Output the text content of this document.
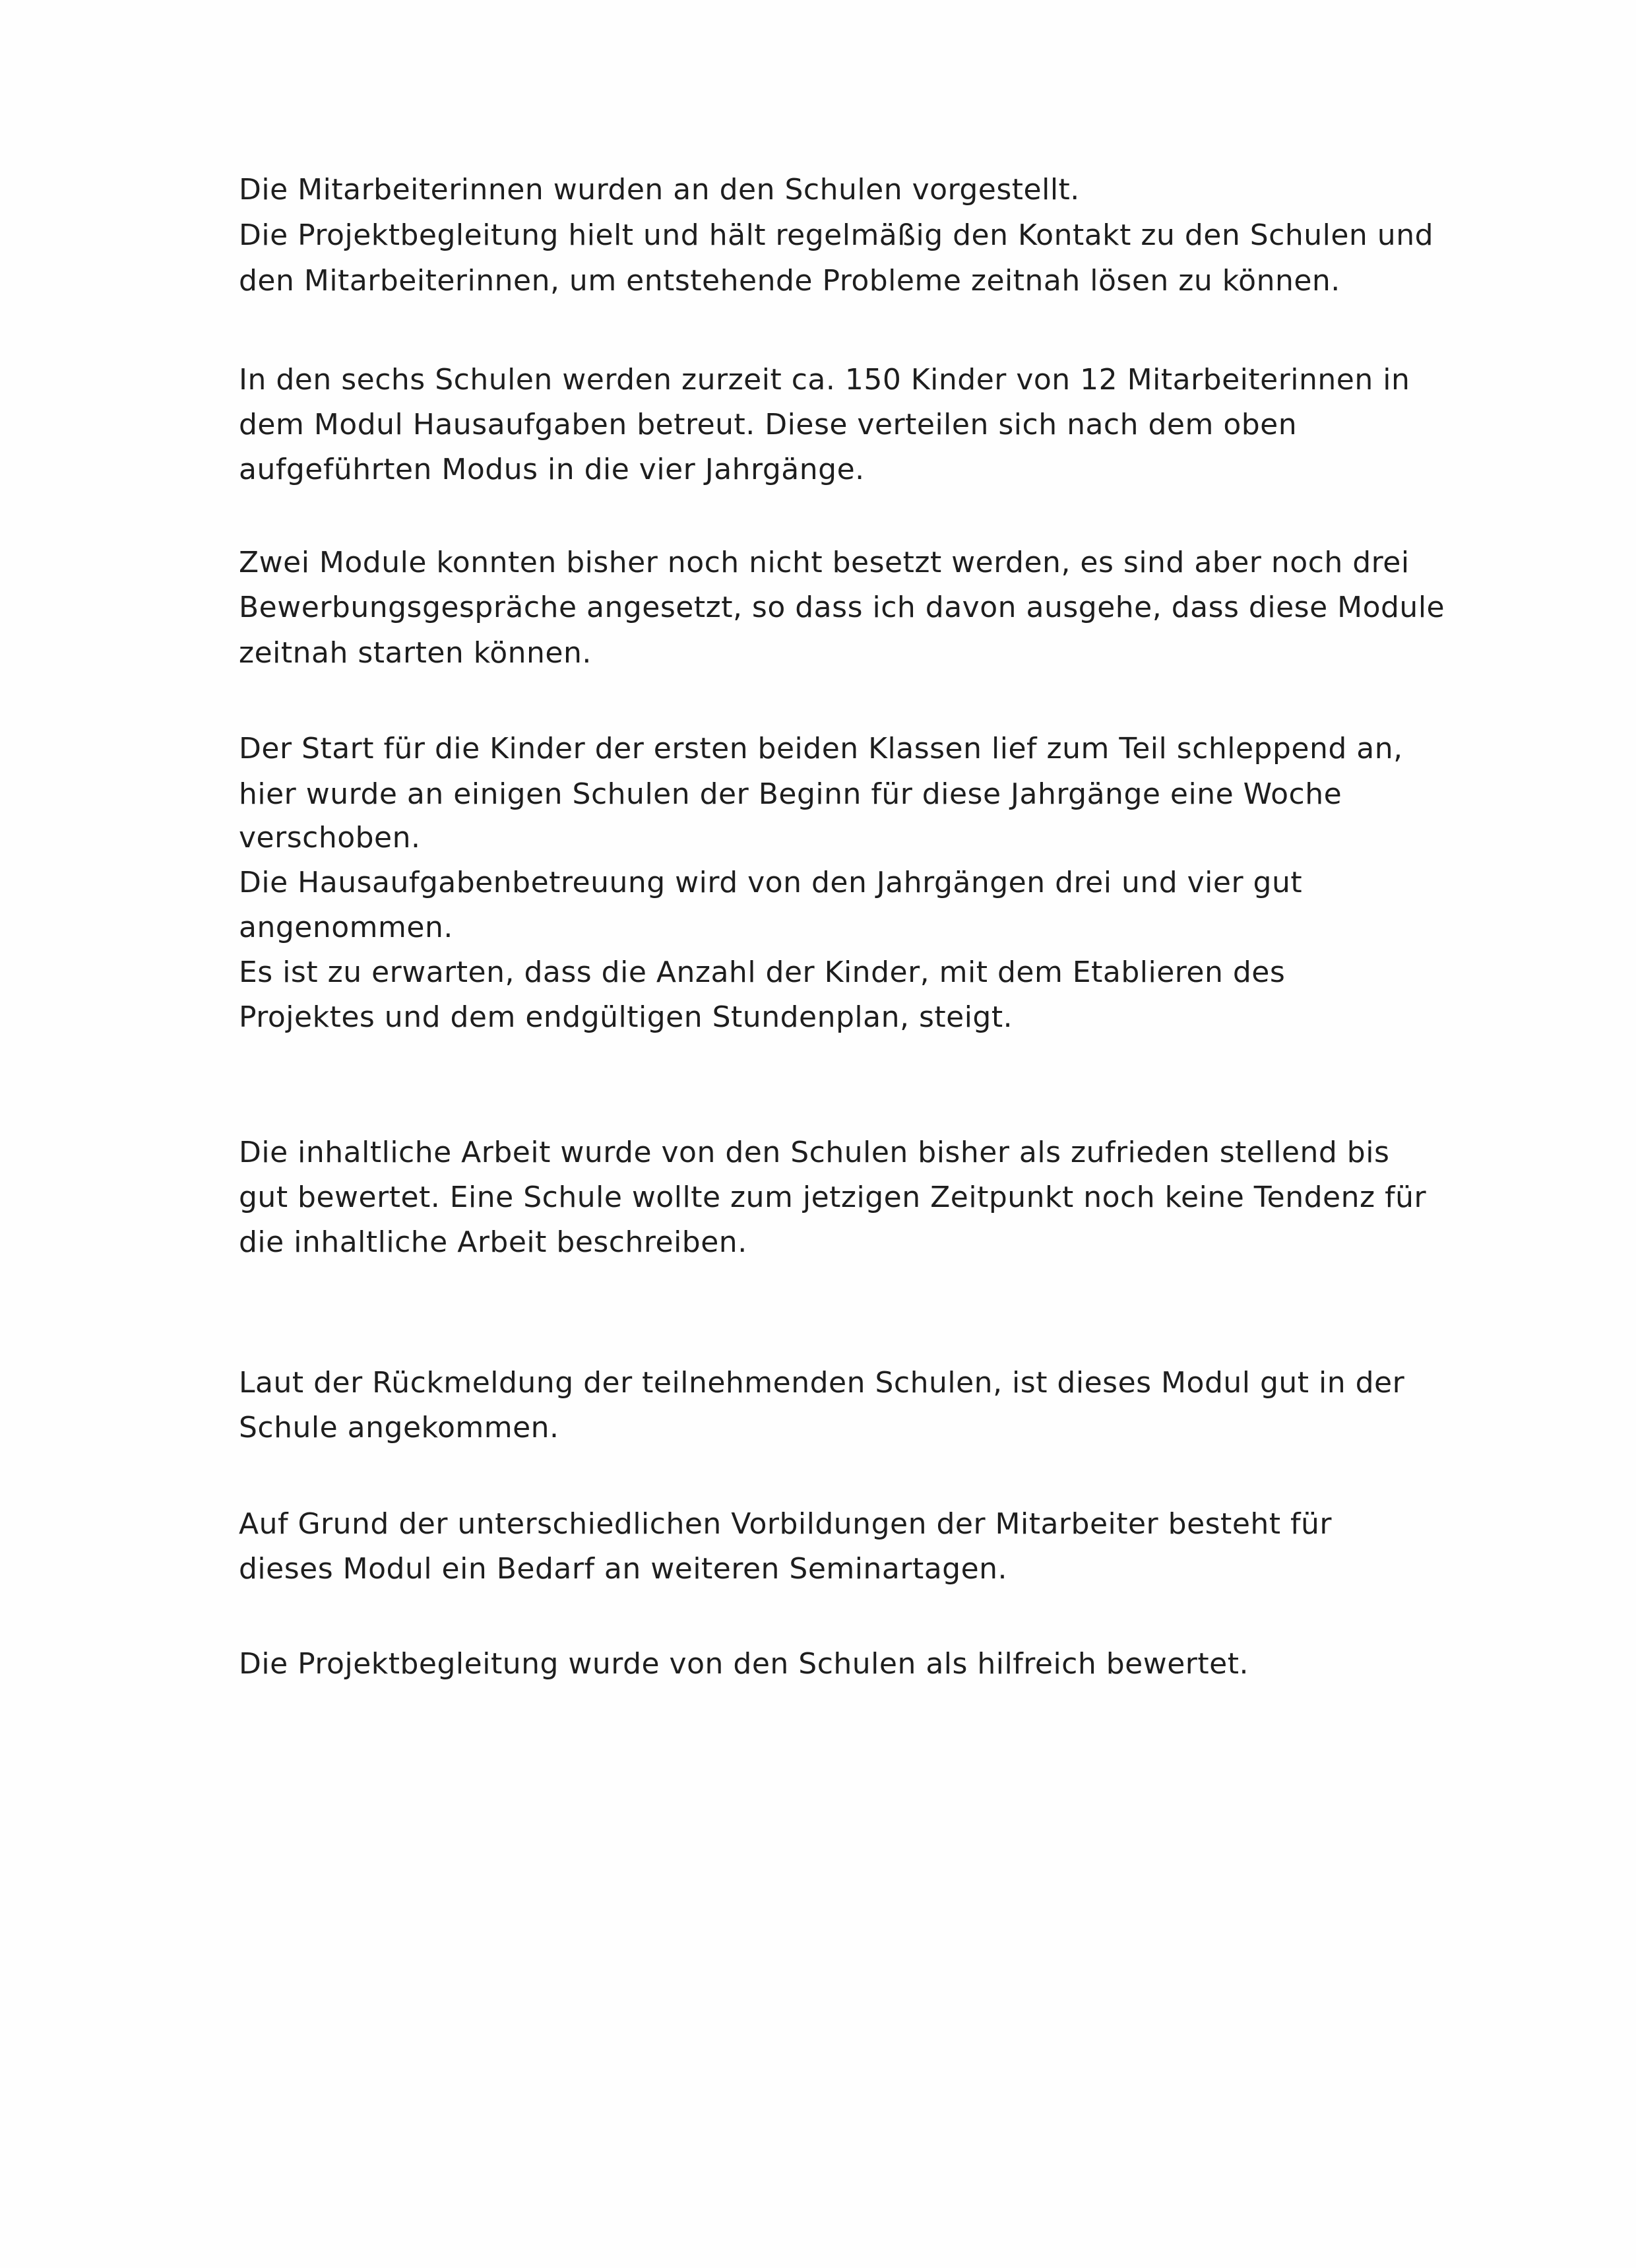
Die Mitarbeiterinnen wurden an den Schulen vorgestellt.

Die Projektbegleitung hielt und hält regelmäßig den Kontakt zu den Schulen und

den Mitarbeiterinnen, um entstehende Probleme zeitnah lösen zu können.

In den sechs Schulen werden zurzeit ca. 150 Kinder von 12 Mitarbeiterinnen in

dem Modul Hausaufgaben betreut. Diese verteilen sich nach dem oben

aufgeführten Modus in die vier Jahrgänge.

Zwei Module konnten bisher noch nicht besetzt werden, es sind aber noch drei

Bewerbungsgespräche angesetzt, so dass ich davon ausgehe, dass diese Module

zeitnah starten können.

Der Start für die Kinder der ersten beiden Klassen lief zum Teil schleppend an,

hier wurde an einigen Schulen der Beginn für diese Jahrgänge eine Woche

verschoben.

Die Hausaufgabenbetreuung wird von den Jahrgängen drei und vier gut

angenommen.

Es ist zu erwarten, dass die Anzahl der Kinder, mit dem Etablieren des

Projektes und dem endgültigen Stundenplan, steigt.

Die inhaltliche Arbeit wurde von den Schulen bisher als zufrieden stellend bis

gut bewertet. Eine Schule wollte zum jetzigen Zeitpunkt noch keine Tendenz für

die inhaltliche Arbeit beschreiben.

Laut der Rückmeldung der teilnehmenden Schulen, ist dieses Modul gut in der

Schule angekommen.

Auf Grund der unterschiedlichen Vorbildungen der Mitarbeiter besteht für

dieses Modul ein Bedarf an weiteren Seminartagen.

Die Projektbegleitung wurde von den Schulen als hilfreich bewertet.
